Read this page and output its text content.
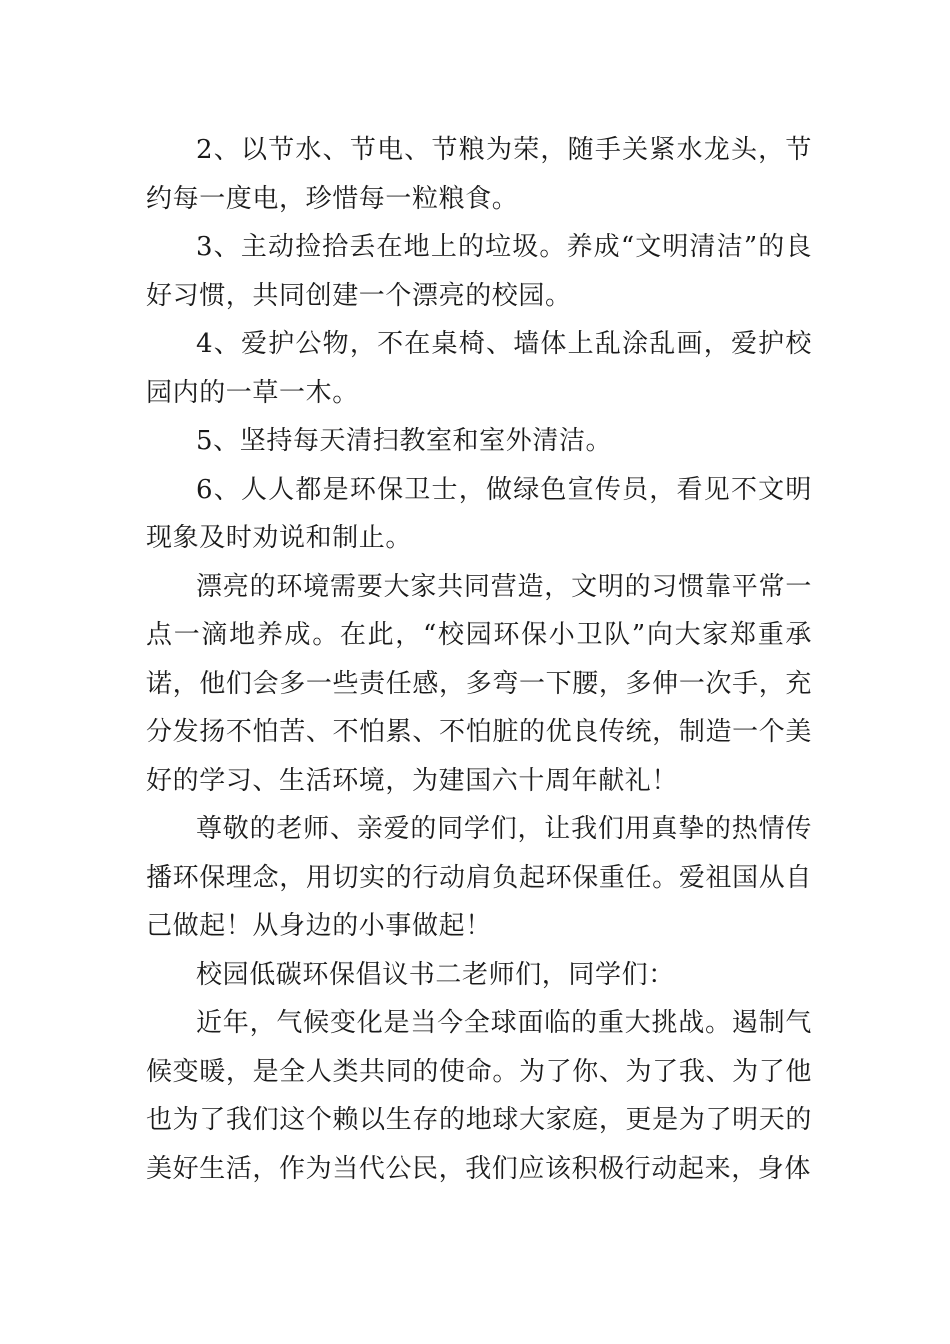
2、以节水、节电、节粮为荣，随手关紧水龙头，节约每一度电，珍惜每一粒粮食。

3、主动捡拾丢在地上的垃圾。养成“文明清洁”的良好习惯，共同创建一个漂亮的校园。

4、爱护公物，不在桌椅、墙体上乱涂乱画，爱护校园内的一草一木。

5、坚持每天清扫教室和室外清洁。

6、人人都是环保卫士，做绿色宣传员，看见不文明现象及时劝说和制止。

漂亮的环境需要大家共同营造，文明的习惯靠平常一点一滴地养成。在此，“校园环保小卫队”向大家郑重承诺，他们会多一些责任感，多弯一下腰，多伸一次手，充分发扬不怕苦、不怕累、不怕脏的优良传统，制造一个美好的学习、生活环境，为建国六十周年献礼！

尊敬的老师、亲爱的同学们，让我们用真挚的热情传播环保理念，用切实的行动肩负起环保重任。爱祖国从自己做起！从身边的小事做起！

校园低碳环保倡议书二老师们，同学们：

近年，气候变化是当今全球面临的重大挑战。遏制气候变暖，是全人类共同的使命。为了你、为了我、为了他也为了我们这个赖以生存的地球大家庭，更是为了明天的美好生活，作为当代公民，我们应该积极行动起来，身体
